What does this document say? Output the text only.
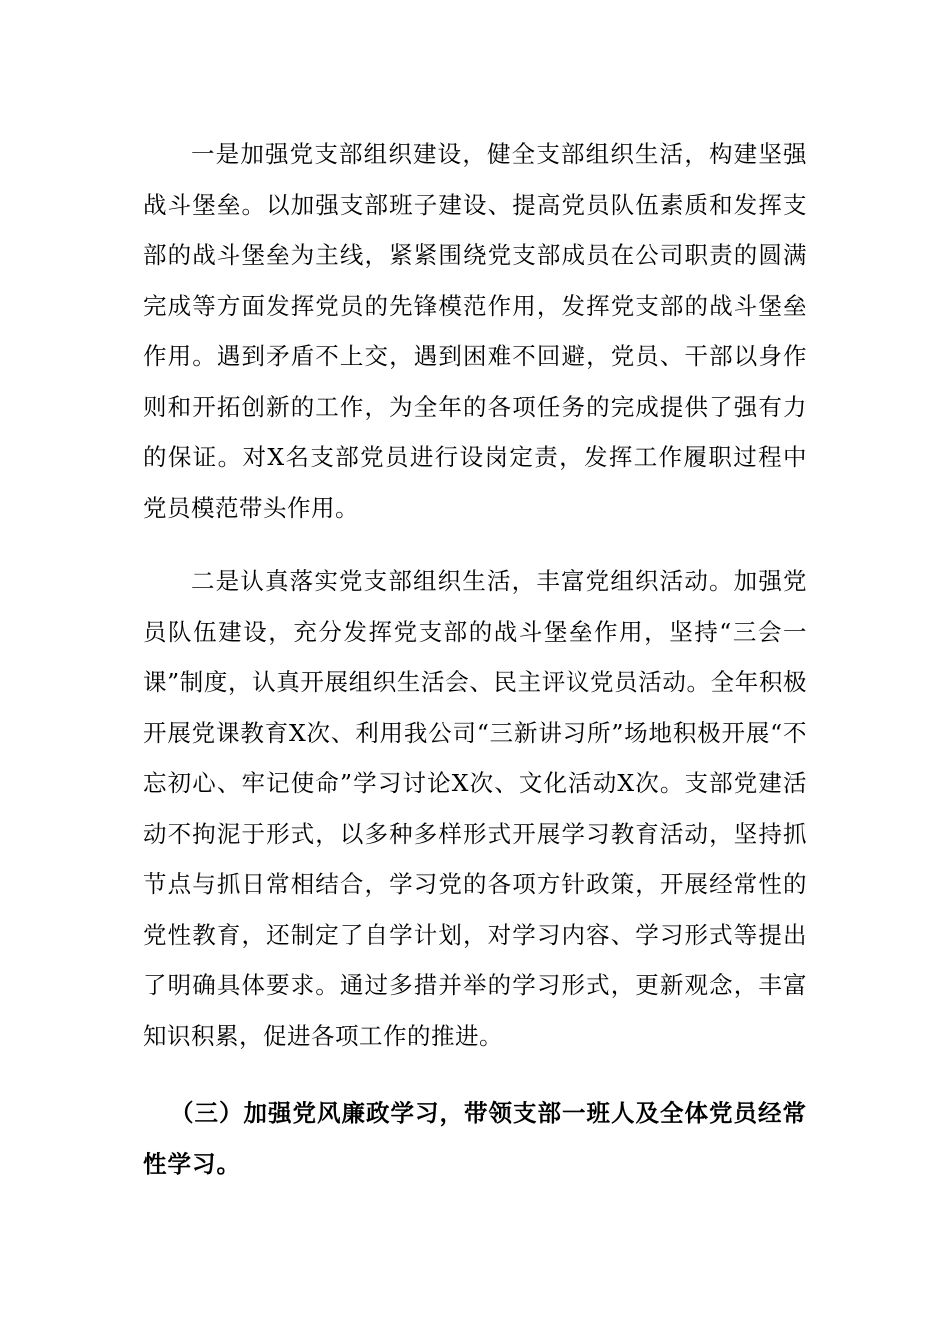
一是加强党支部组织建设，健全支部组织生活，构建坚强战斗堡垒。以加强支部班子建设、提高党员队伍素质和发挥支部的战斗堡垒为主线，紧紧围绕党支部成员在公司职责的圆满完成等方面发挥党员的先锋模范作用，发挥党支部的战斗堡垒作用。遇到矛盾不上交，遇到困难不回避，党员、干部以身作则和开拓创新的工作，为全年的各项任务的完成提供了强有力的保证。对X名支部党员进行设岗定责，发挥工作履职过程中党员模范带头作用。

二是认真落实党支部组织生活，丰富党组织活动。加强党员队伍建设，充分发挥党支部的战斗堡垒作用，坚持“三会一课”制度，认真开展组织生活会、民主评议党员活动。全年积极开展党课教育X次、利用我公司“三新讲习所”场地积极开展“不忘初心、牢记使命”学习讨论X次、文化活动X次。支部党建活动不拘泥于形式，以多种多样形式开展学习教育活动，坚持抓节点与抓日常相结合，学习党的各项方针政策，开展经常性的党性教育，还制定了自学计划，对学习内容、学习形式等提出了明确具体要求。通过多措并举的学习形式，更新观念，丰富知识积累，促进各项工作的推进。

（三）加强党风廉政学习，带领支部一班人及全体党员经常性学习。
